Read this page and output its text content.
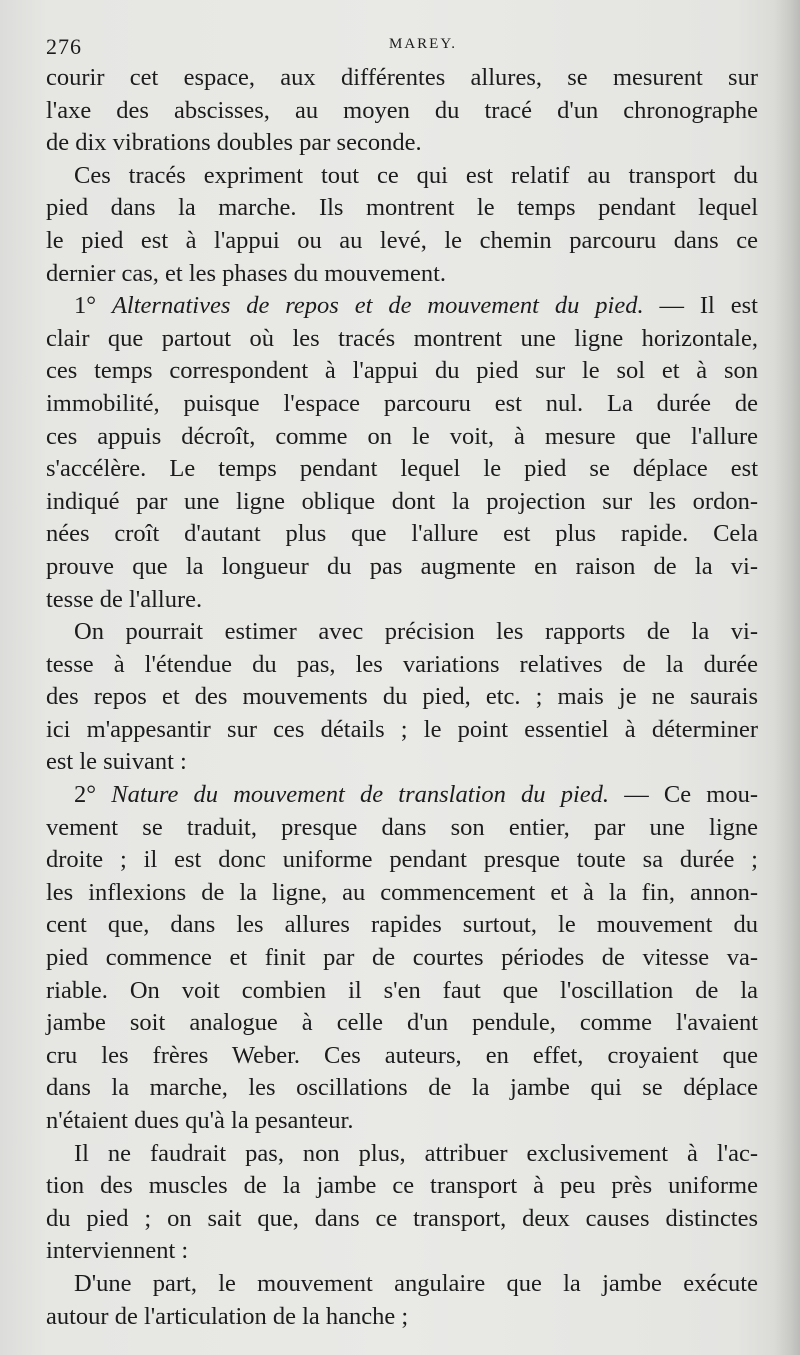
276	MAREY.
courir cet espace, aux différentes allures, se mesurent sur
l'axe des abscisses, au moyen du tracé d'un chronographe
de dix vibrations doubles par seconde.
Ces tracés expriment tout ce qui est relatif au transport du
pied dans la marche. Ils montrent le temps pendant lequel
le pied est à l'appui ou au levé, le chemin parcouru dans ce
dernier cas, et les phases du mouvement.
1° Alternatives de repos et de mouvement du pied. — Il est
clair que partout où les tracés montrent une ligne horizontale,
ces temps correspondent à l'appui du pied sur le sol et à son
immobilité, puisque l'espace parcouru est nul. La durée de
ces appuis décroît, comme on le voit, à mesure que l'allure
s'accélère. Le temps pendant lequel le pied se déplace est
indiqué par une ligne oblique dont la projection sur les ordon-
nées croît d'autant plus que l'allure est plus rapide. Cela
prouve que la longueur du pas augmente en raison de la vi-
tesse de l'allure.
On pourrait estimer avec précision les rapports de la vi-
tesse à l'étendue du pas, les variations relatives de la durée
des repos et des mouvements du pied, etc. ; mais je ne saurais
ici m'appesantir sur ces détails ; le point essentiel à déterminer
est le suivant :
2° Nature du mouvement de translation du pied. — Ce mou-
vement se traduit, presque dans son entier, par une ligne
droite ; il est donc uniforme pendant presque toute sa durée ;
les inflexions de la ligne, au commencement et à la fin, annon-
cent que, dans les allures rapides surtout, le mouvement du
pied commence et finit par de courtes périodes de vitesse va-
riable. On voit combien il s'en faut que l'oscillation de la
jambe soit analogue à celle d'un pendule, comme l'avaient
cru les frères Weber. Ces auteurs, en effet, croyaient que
dans la marche, les oscillations de la jambe qui se déplace
n'étaient dues qu'à la pesanteur.
Il ne faudrait pas, non plus, attribuer exclusivement à l'ac-
tion des muscles de la jambe ce transport à peu près uniforme
du pied ; on sait que, dans ce transport, deux causes distinctes
interviennent :
D'une part, le mouvement angulaire que la jambe exécute
autour de l'articulation de la hanche ;
